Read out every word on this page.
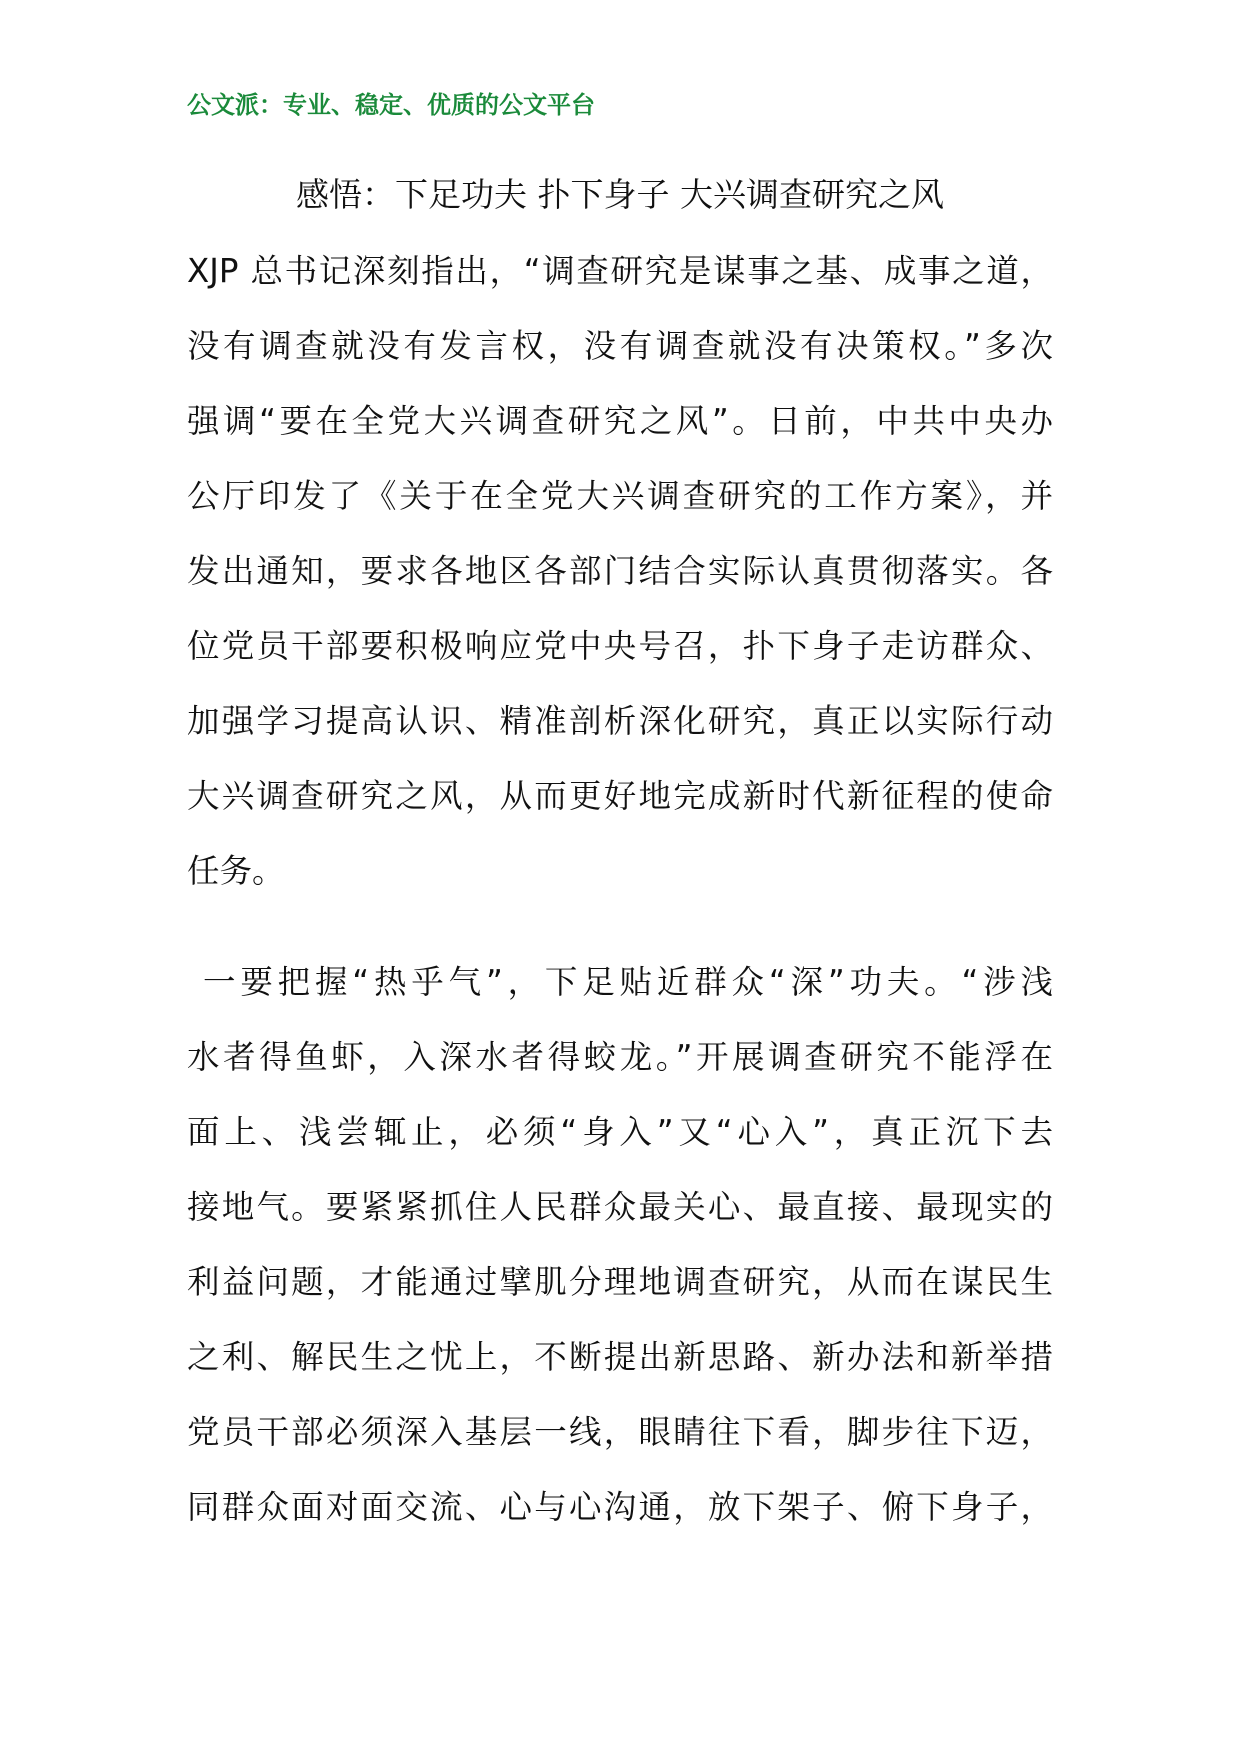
公文派：专业、稳定、优质的公文平台
感悟：下足功夫 扑下身子 大兴调查研究之风
XJP 总书记深刻指出，“调查研究是谋事之基、成事之道，
没有调查就没有发言权，没有调查就没有决策权。”多次
强调“要在全党大兴调查研究之风”。日前，中共中央办
公厅印发了《关于在全党大兴调查研究的工作方案》，并
发出通知，要求各地区各部门结合实际认真贯彻落实。各
位党员干部要积极响应党中央号召，扑下身子走访群众、
加强学习提高认识、精准剖析深化研究，真正以实际行动
大兴调查研究之风，从而更好地完成新时代新征程的使命
任务。
一要把握“热乎气”，下足贴近群众“深”功夫。“涉浅
水者得鱼虾，入深水者得蛟龙。”开展调查研究不能浮在
面上、浅尝辄止，必须“身入”又“心入”，真正沉下去
接地气。要紧紧抓住人民群众最关心、最直接、最现实的
利益问题，才能通过擘肌分理地调查研究，从而在谋民生
之利、解民生之忧上，不断提出新思路、新办法和新举措
党员干部必须深入基层一线，眼睛往下看，脚步往下迈，
同群众面对面交流、心与心沟通，放下架子、俯下身子，
